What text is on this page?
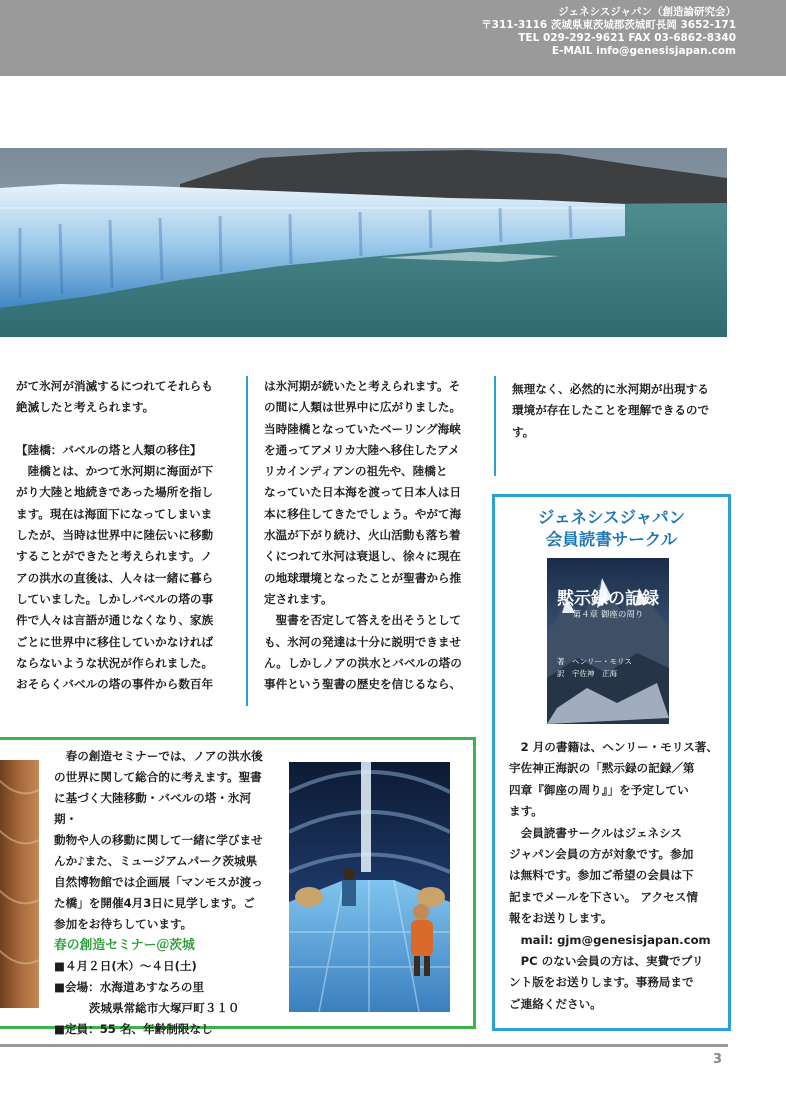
ジェネシスジャパン（創造論研究会）
〒311-3116 茨城県東茨城郡茨城町長岡 3652-171
TEL 029-292-9621 FAX 03-6862-8340
E-MAIL info@genesisjapan.com

がて氷河が消滅するにつれてそれらも

絶滅したと考えられます。

【陸橋：バベルの塔と人類の移住】

　陸橋とは、かつて氷河期に海面が下

がり大陸と地続きであった場所を指し

ます。現在は海面下になってしまいま

したが、当時は世界中に陸伝いに移動

することができたと考えられます。ノ

アの洪水の直後は、人々は一緒に暮ら

していました。しかしバベルの塔の事

件で人々は言語が通じなくなり、家族

ごとに世界中に移住していかなければ

ならないような状況が作られました。

おそらくバベルの塔の事件から数百年

は氷河期が続いたと考えられます。そ

の間に人類は世界中に広がりました。

当時陸橋となっていたベーリング海峡

を通ってアメリカ大陸へ移住したアメ

リカインディアンの祖先や、陸橋と

なっていた日本海を渡って日本人は日

本に移住してきたでしょう。やがて海

水温が下がり続け、火山活動も落ち着

くにつれて氷河は衰退し、徐々に現在

の地球環境となったことが聖書から推

定されます。

　聖書を否定して答えを出そうとして

も、氷河の発達は十分に説明できませ

ん。しかしノアの洪水とバベルの塔の

事件という聖書の歴史を信じるなら、

無理なく、必然的に氷河期が出現する

環境が存在したことを理解できるので

す。

　春の創造セミナーでは、ノアの洪水後

の世界に関して総合的に考えます。聖書

に基づく大陸移動・バベルの塔・氷河期・

動物や人の移動に関して一緒に学びませ

んか♪また、ミュージアムパーク茨城県

自然博物館では企画展「マンモスが渡っ

た橋」を開催4月3日に見学します。ご

参加をお待ちしています。

春の創造セミナー＠茨城

■４月２日(木）～４日(土)

■会場：水海道あすなろの里

　　　茨城県常総市大塚戸町３１０

■定員：55 名、年齢制限なし

ジェネシスジャパン
会員読書サークル
黙示録の記録
第４章 御座の周り
著　ヘンリー・モリス
訳　宇佐神　正海

　2 月の書籍は、ヘンリー・モリス著、

宇佐神正海訳の「黙示録の記録／第

四章『御座の周り』」を予定してい

ます。

　会員読書サークルはジェネシス

ジャパン会員の方が対象です。参加

は無料です。参加ご希望の会員は下

記までメールを下さい。 アクセス情

報をお送りします。

　mail: gjm@genesisjapan.com

　PC のない会員の方は、実費でプリ

ント版をお送りします。事務局まで

ご連絡ください。

3
